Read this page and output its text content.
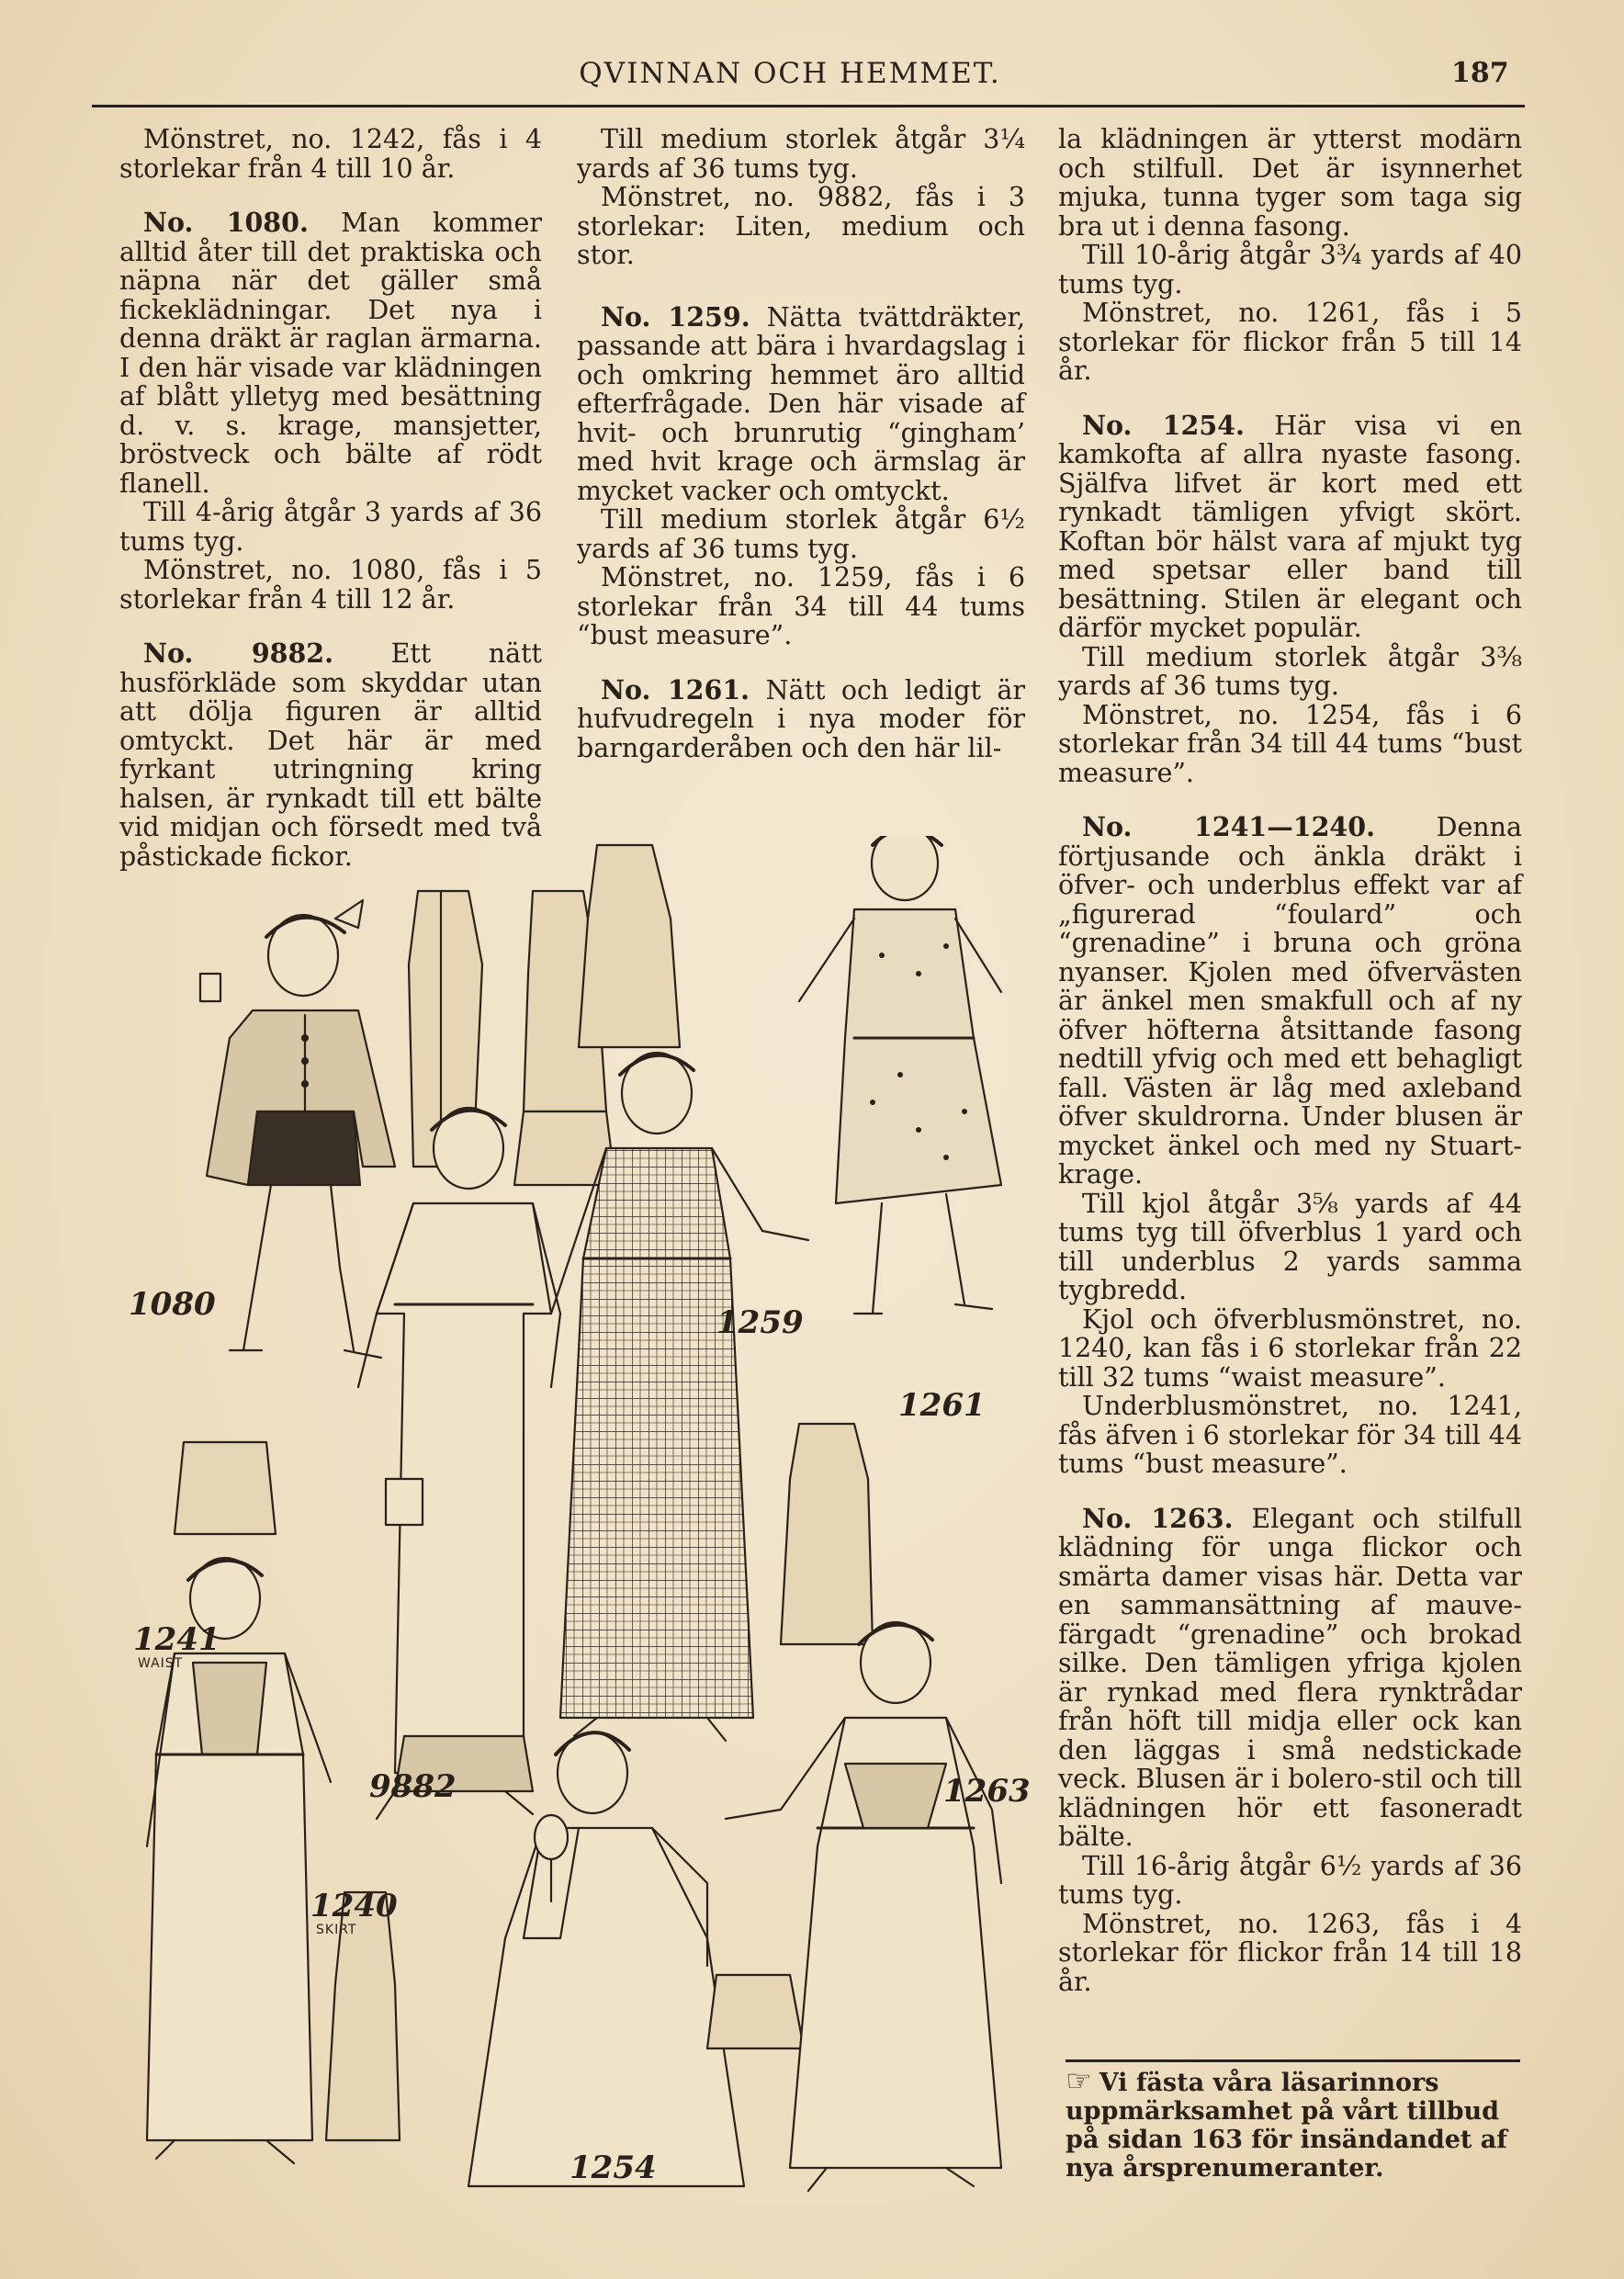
QVINNAN OCH HEMMET.	187

Mönstret, no. 1242, fås i 4 storlekar från 4 till 10 år.

No. 1080. Man kommer alltid åter till det praktiska och näpna när det gäller små fickeklädningar. Det nya i denna dräkt är raglan ärmarna. I den här visade var klädningen af blått ylletyg med besättning d. v. s. krage, mansjetter, bröstveck och bälte af rödt flanell.

Till 4-årig åtgår 3 yards af 36 tums tyg.

Mönstret, no. 1080, fås i 5 storlekar från 4 till 12 år.

No. 9882. Ett nätt husförkläde som skyddar utan att dölja figuren är alltid omtyckt. Det här är med fyrkant utringning kring halsen, är rynkadt till ett bälte vid midjan och försedt med två påstickade fickor.

Till medium storlek åtgår 3¼ yards af 36 tums tyg.

Mönstret, no. 9882, fås i 3 storlekar: Liten, medium och stor.

No. 1259. Nätta tvättdräkter, passande att bära i hvardagslag i och omkring hemmet äro alltid efterfrågade. Den här visade af hvit- och brunrutig “gingham’ med hvit krage och ärmslag är mycket vacker och omtyckt.

Till medium storlek åtgår 6½ yards af 36 tums tyg.

Mönstret, no. 1259, fås i 6 storlekar från 34 till 44 tums “bust measure”.

No. 1261. Nätt och ledigt är hufvudregeln i nya moder för barngarderåben och den här lil-

la klädningen är ytterst modärn och stilfull. Det är isynnerhet mjuka, tunna tyger som taga sig bra ut i denna fasong.

Till 10-årig åtgår 3¾ yards af 40 tums tyg.

Mönstret, no. 1261, fås i 5 storlekar för flickor från 5 till 14 år.

No. 1254. Här visa vi en kamkofta af allra nyaste fasong. Själfva lifvet är kort med ett rynkadt tämligen yfvigt skört. Koftan bör hälst vara af mjukt tyg med spetsar eller band till besättning. Stilen är elegant och därför mycket populär.

Till medium storlek åtgår 3⅜ yards af 36 tums tyg.

Mönstret, no. 1254, fås i 6 storlekar från 34 till 44 tums “bust measure”.

No. 1241—1240. Denna förtjusande och änkla dräkt i öfver- och underblus effekt var af „figurerad “foulard” och “grenadine” i bruna och gröna nyanser. Kjolen med öfvervästen är änkel men smakfull och af ny öfver höfterna åtsittande fasong nedtill yfvig och med ett behagligt fall. Västen är låg med axleband öfver skuldrorna. Under blusen är mycket änkel och med ny Stuart-krage.

Till kjol åtgår 3⅝ yards af 44 tums tyg till öfverblus 1 yard och till underblus 2 yards samma tygbredd.

Kjol och öfverblusmönstret, no. 1240, kan fås i 6 storlekar från 22 till 32 tums “waist measure”.

Underblusmönstret, no. 1241, fås äfven i 6 storlekar för 34 till 44 tums “bust measure”.

No. 1263. Elegant och stilfull klädning för unga flickor och smärta damer visas här. Detta var en sammansättning af mauve-färgadt “grenadine” och brokad silke. Den tämligen yfriga kjolen är rynkad med flera rynktrådar från höft till midja eller ock kan den läggas i små nedstickade veck. Blusen är i bolero-stil och till klädningen hör ett fasoneradt bälte.

Till 16-årig åtgår 6½ yards af 36 tums tyg.

Mönstret, no. 1263, fås i 4 storlekar för flickor från 14 till 18 år.

1080	1259
1261
1241
WAIST
9882	1263
1240
SKIRT
1254
☞ Vi fästa våra läsarinnors uppmärksamhet på vårt tillbud på sidan 163 för insändandet af nya årsprenumeranter.
